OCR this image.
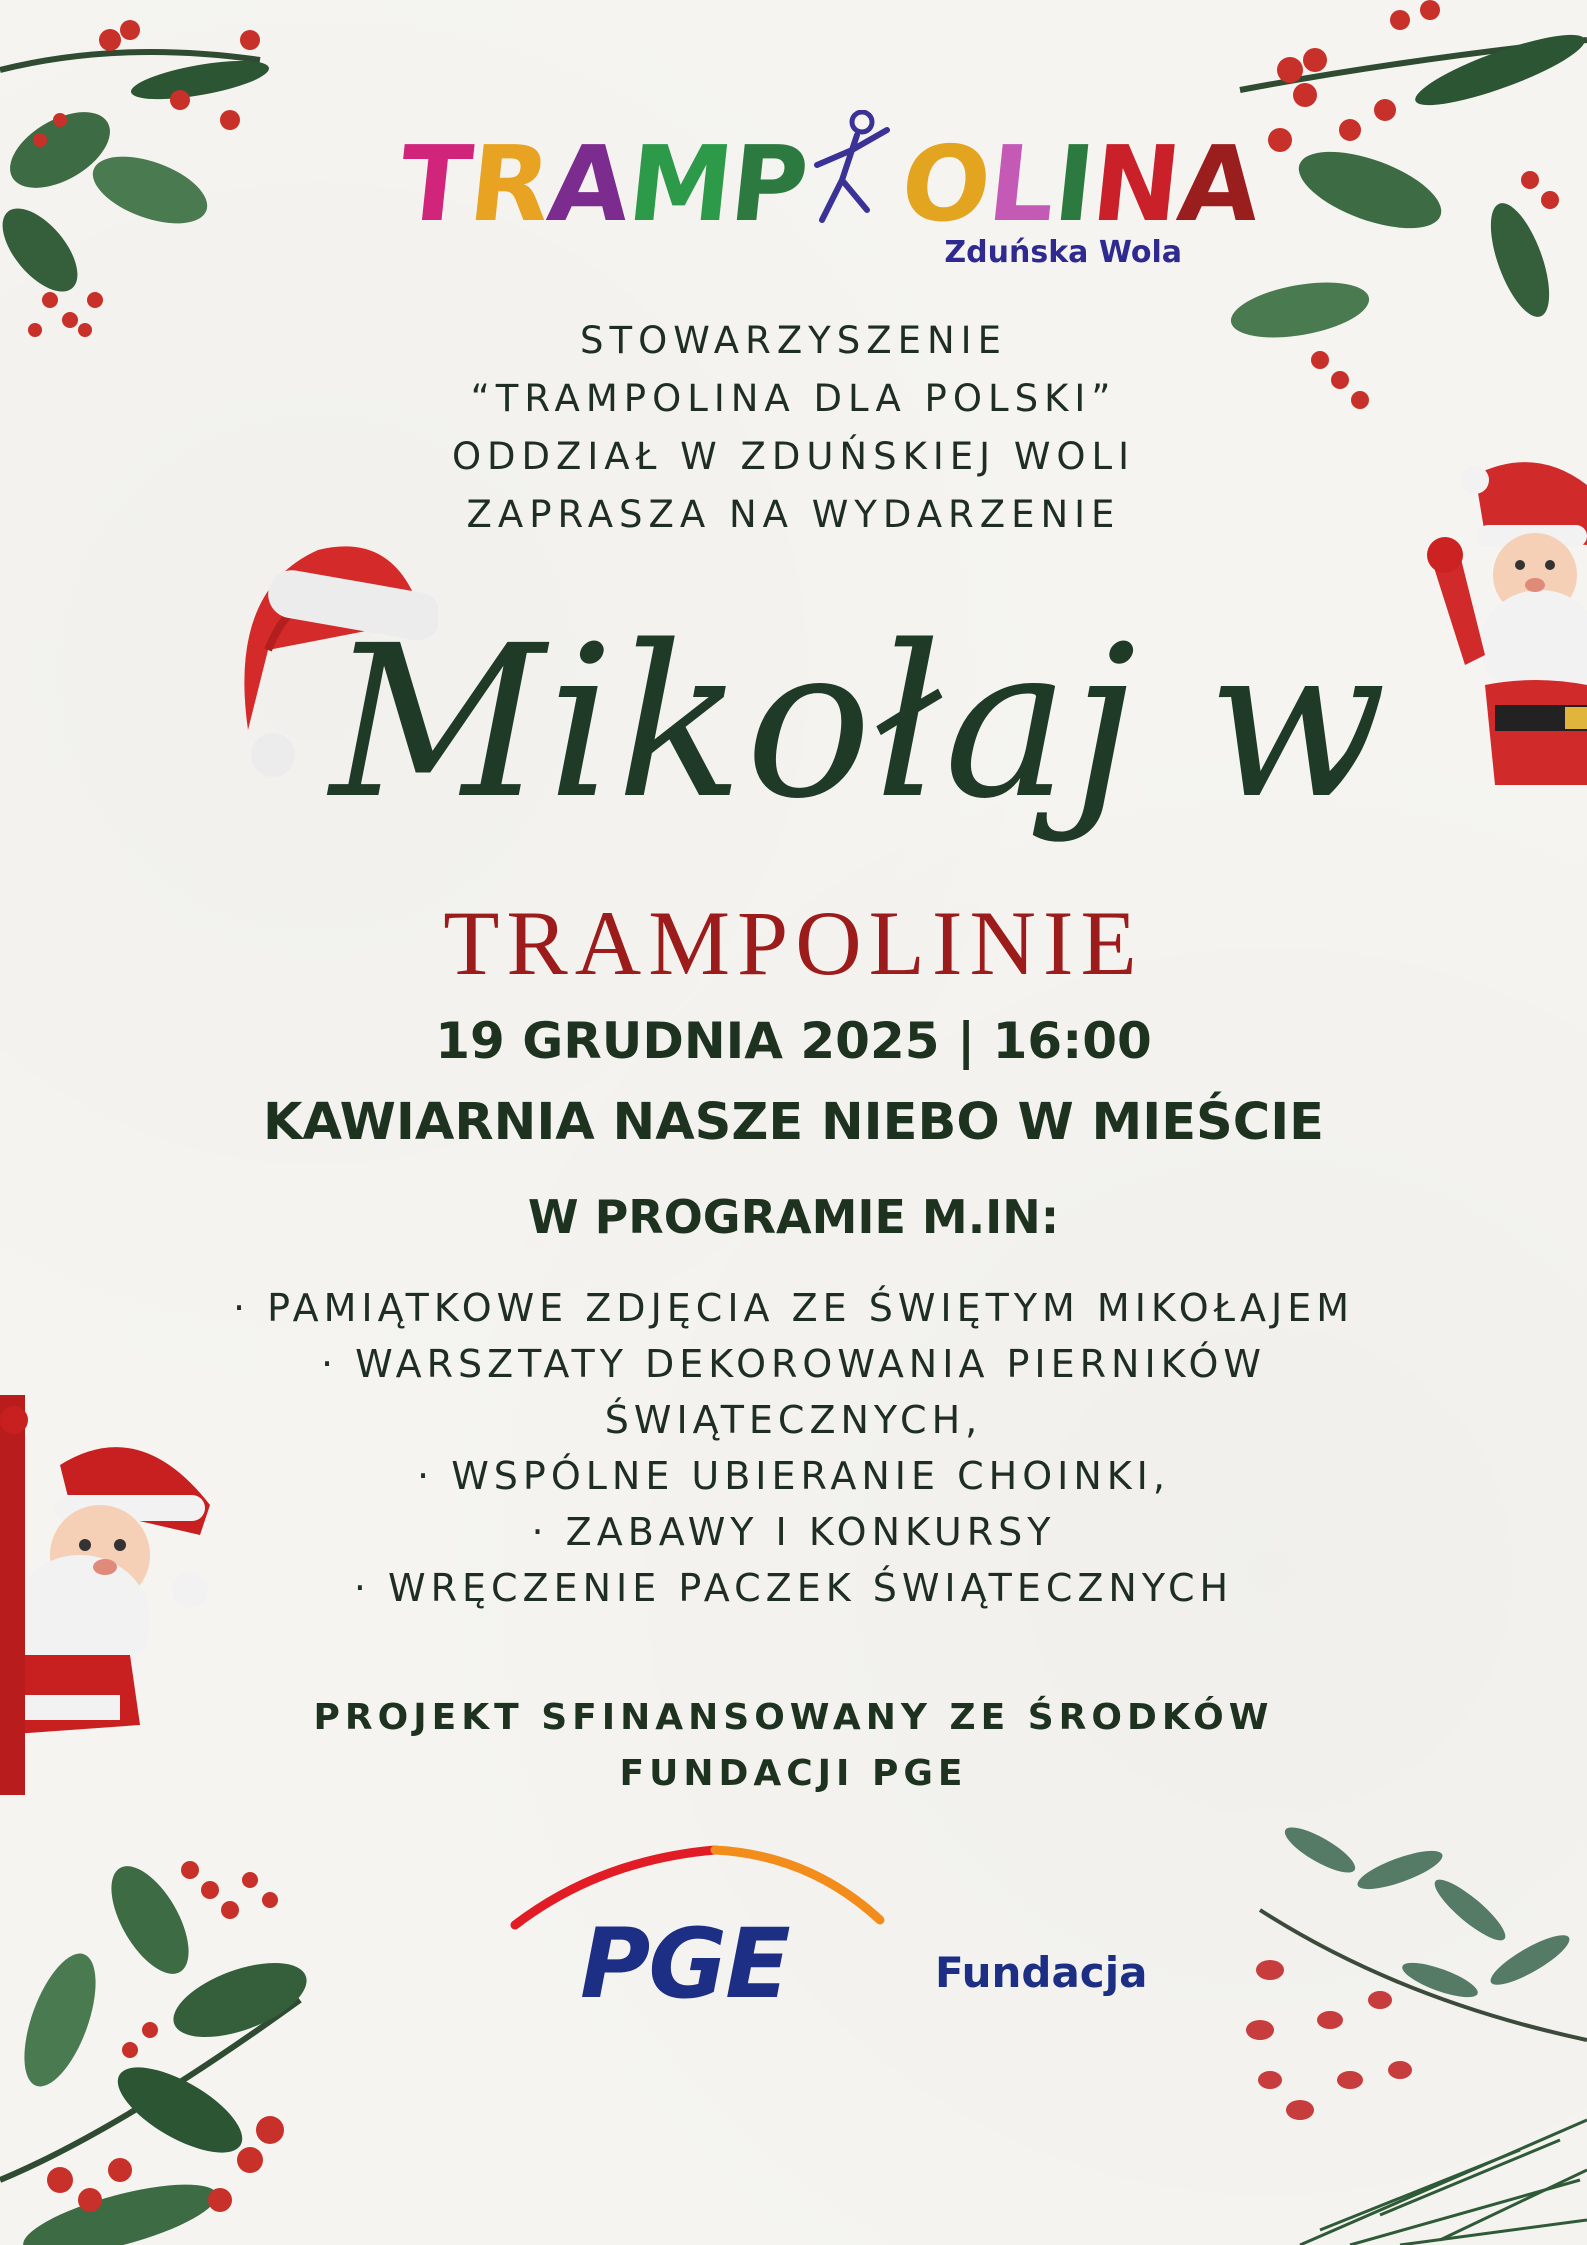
T R A M P O L I N A
Zduńska Wola
STOWARZYSZENIE
“TRAMPOLINA DLA POLSKI”
ODDZIAŁ W ZDUŃSKIEJ WOLI
ZAPRASZA NA WYDARZENIE
Mikołaj w
TRAMPOLINIE
19 GRUDNIA 2025 | 16:00
KAWIARNIA NASZE NIEBO W MIEŚCIE
W PROGRAMIE M.IN:
· PAMIĄTKOWE ZDJĘCIA ZE ŚWIĘTYM MIKOŁAJEM
· WARSZTATY DEKOROWANIA PIERNIKÓW
ŚWIĄTECZNYCH,
· WSPÓLNE UBIERANIE CHOINKI,
· ZABAWY I KONKURSY
· WRĘCZENIE PACZEK ŚWIĄTECZNYCH
PROJEKT SFINANSOWANY ZE ŚRODKÓW
FUNDACJI PGE
PGE	Fundacja
